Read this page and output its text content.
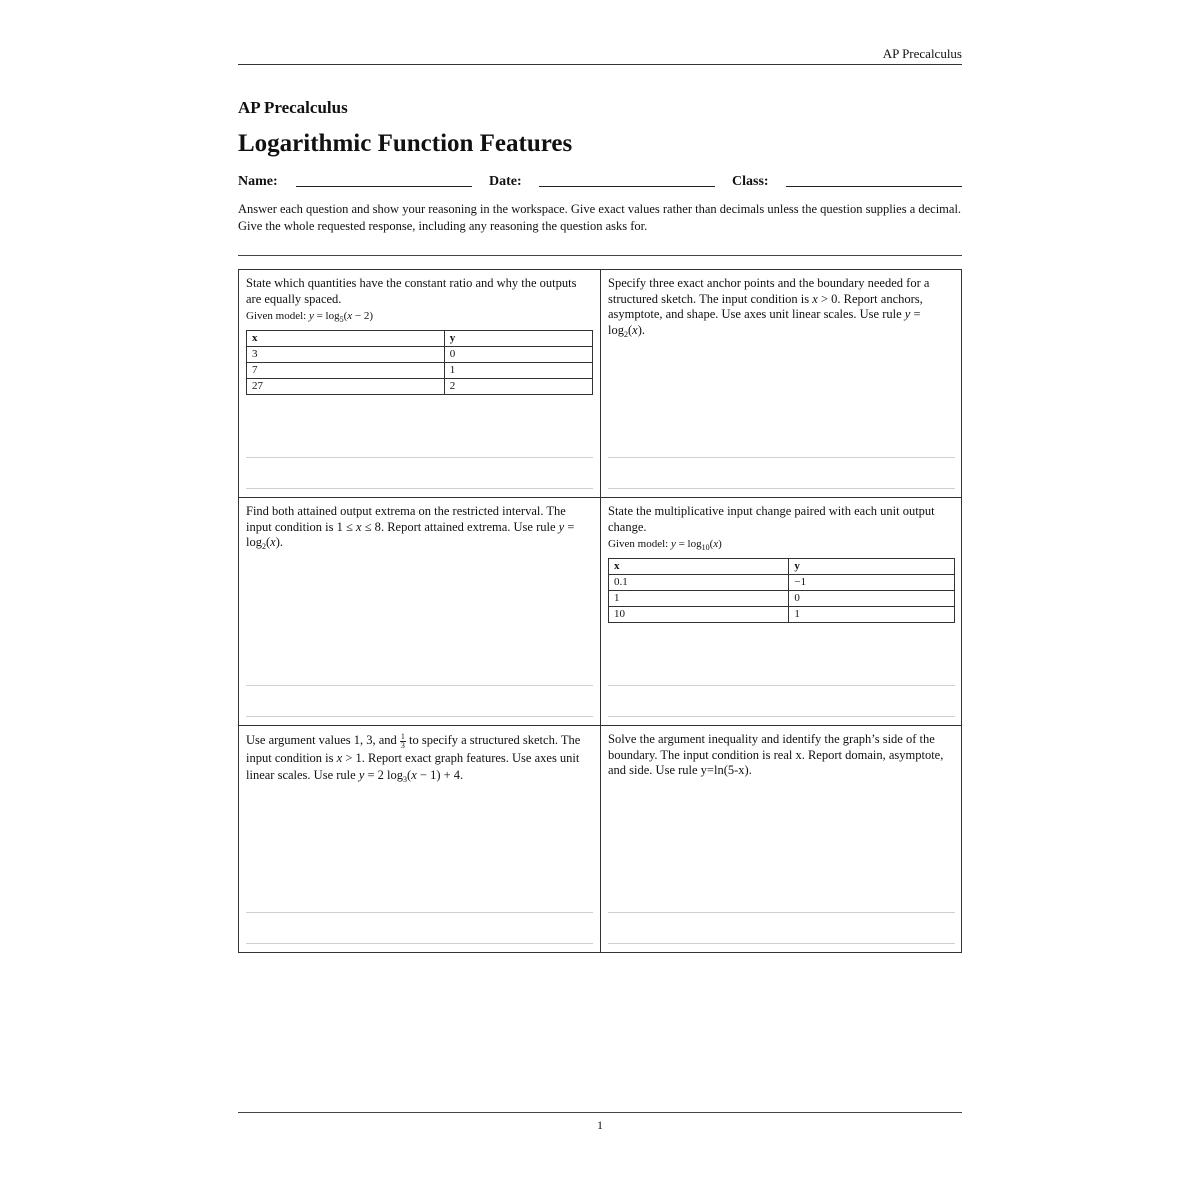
AP Precalculus
AP Precalculus
Logarithmic Function Features
Name:	Date:	Class:
Answer each question and show your reasoning in the workspace. Give exact values rather than decimals unless the question supplies a decimal. Give the whole requested response, including any reasoning the question asks for.
State which quantities have the constant ratio and why the outputs are equally spaced.
Given model: $y = \log_5(x - 2)$
x	y
3	0
7	1
27	2
Specify three exact anchor points and the boundary needed for a structured sketch. The input condition is x > 0. Report anchors, asymptote, and shape. Use axes unit linear scales. Use rule $y = \log_2(x)$.
Find both attained output extrema on the restricted interval. The input condition is 1 ≤ x ≤ 8. Report attained extrema. Use rule $y = \log_2(x)$.
State the multiplicative input change paired with each unit output change.
Given model: $y = \log_{10}(x)$
x	y
0.1	−1
1	0
10	1
Use argument values 1, 3, and $\frac{1}{3}$ to specify a structured sketch. The input condition is x > 1. Report exact graph features. Use axes unit linear scales. Use rule y = 2 $\log_3(x - 1) + 4$.
Solve the argument inequality and identify the graph’s side of the boundary. The input condition is real x. Report domain, asymptote, and side. Use rule y=ln(5-x).
1
